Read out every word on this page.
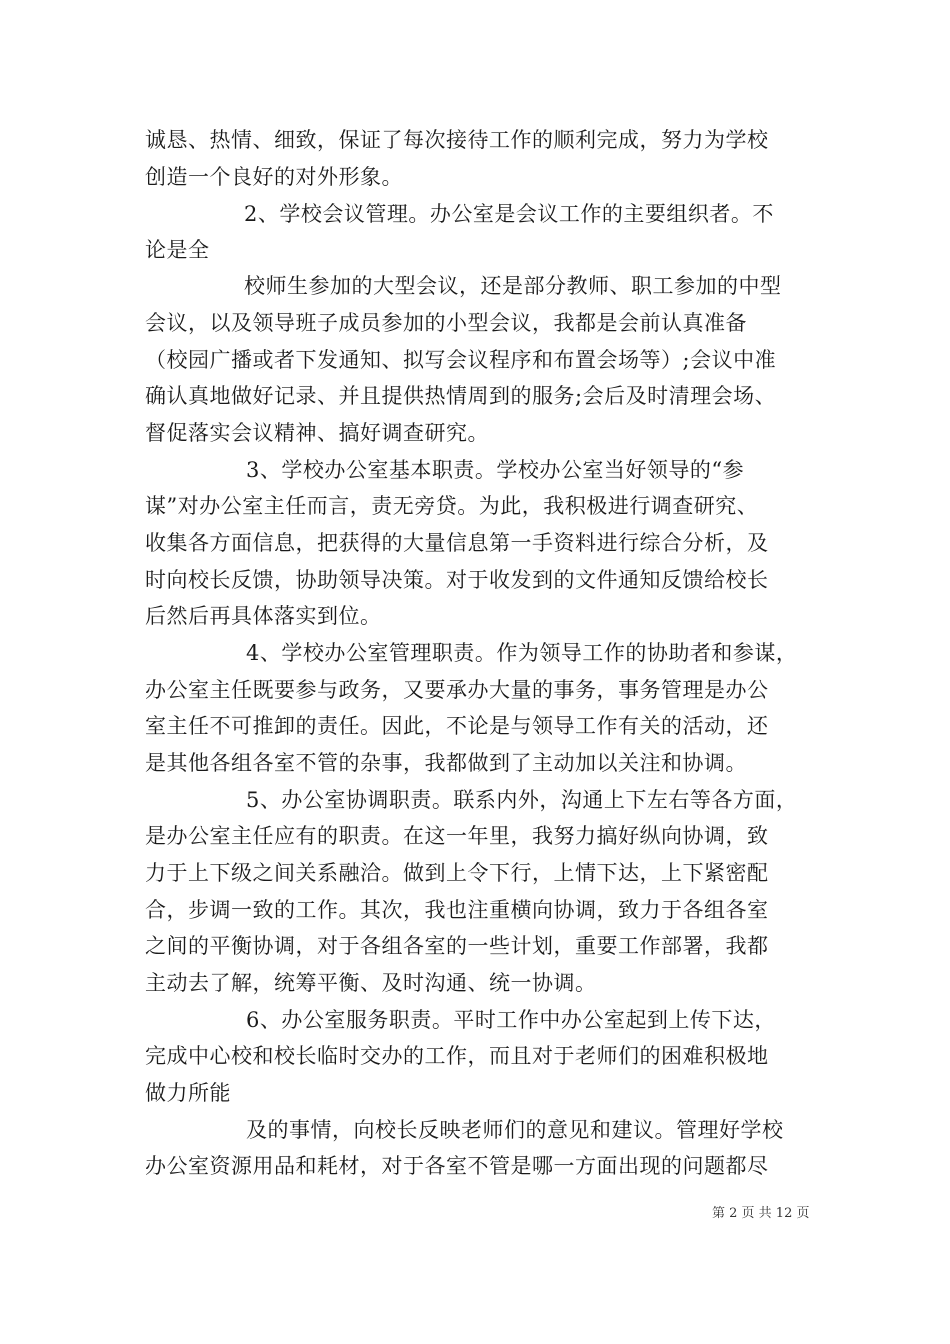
诚恳、热情、细致，保证了每次接待工作的顺利完成，努力为学校
创造一个良好的对外形象。
2、学校会议管理。办公室是会议工作的主要组织者。不
论是全
校师生参加的大型会议，还是部分教师、职工参加的中型
会议，以及领导班子成员参加的小型会议，我都是会前认真准备
（校园广播或者下发通知、拟写会议程序和布置会场等）;会议中准
确认真地做好记录、并且提供热情周到的服务;会后及时清理会场、
督促落实会议精神、搞好调查研究。
3、学校办公室基本职责。学校办公室当好领导的“参
谋”对办公室主任而言，责无旁贷。为此，我积极进行调查研究、
收集各方面信息，把获得的大量信息第一手资料进行综合分析，及
时向校长反馈，协助领导决策。对于收发到的文件通知反馈给校长
后然后再具体落实到位。
4、学校办公室管理职责。作为领导工作的协助者和参谋，
办公室主任既要参与政务，又要承办大量的事务，事务管理是办公
室主任不可推卸的责任。因此，不论是与领导工作有关的活动，还
是其他各组各室不管的杂事，我都做到了主动加以关注和协调。
5、办公室协调职责。联系内外，沟通上下左右等各方面，
是办公室主任应有的职责。在这一年里，我努力搞好纵向协调，致
力于上下级之间关系融洽。做到上令下行，上情下达，上下紧密配
合，步调一致的工作。其次，我也注重横向协调，致力于各组各室
之间的平衡协调，对于各组各室的一些计划，重要工作部署，我都
主动去了解，统筹平衡、及时沟通、统一协调。
6、办公室服务职责。平时工作中办公室起到上传下达，
完成中心校和校长临时交办的工作，而且对于老师们的困难积极地
做力所能
及的事情，向校长反映老师们的意见和建议。管理好学校
办公室资源用品和耗材，对于各室不管是哪一方面出现的问题都尽
第 2 页 共 12 页
